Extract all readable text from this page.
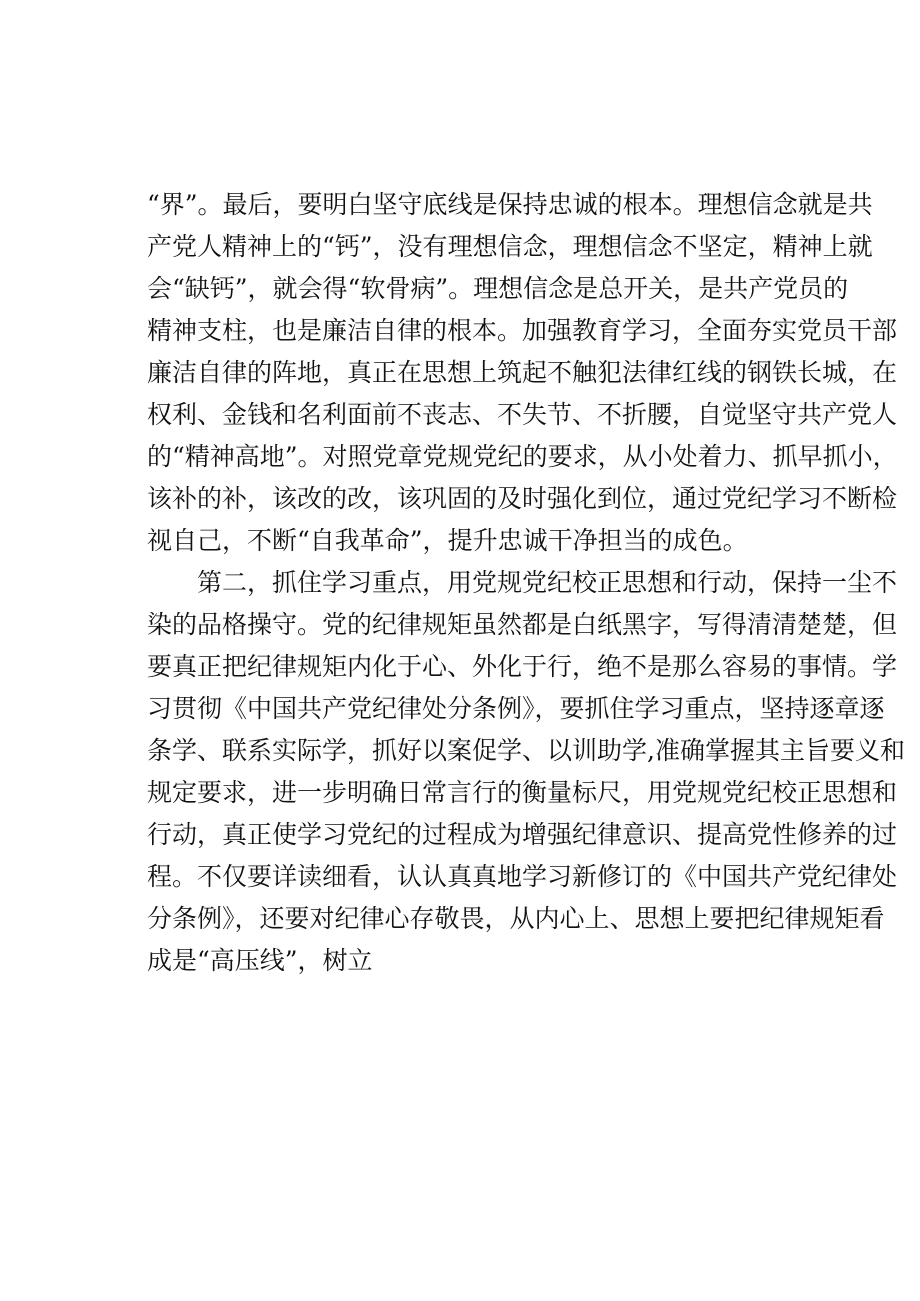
“界”。最后，要明白坚守底线是保持忠诚的根本。理想信念就是共
产党人精神上的“钙”，没有理想信念，理想信念不坚定，精神上就
会“缺钙”，就会得“软骨病”。理想信念是总开关，是共产党员的
精神支柱，也是廉洁自律的根本。加强教育学习，全面夯实党员干部
廉洁自律的阵地，真正在思想上筑起不触犯法律红线的钢铁长城，在
权利、金钱和名利面前不丧志、不失节、不折腰，自觉坚守共产党人
的“精神高地”。对照党章党规党纪的要求，从小处着力、抓早抓小，
该补的补，该改的改，该巩固的及时强化到位，通过党纪学习不断检
视自己，不断“自我革命”，提升忠诚干净担当的成色。
第二，抓住学习重点，用党规党纪校正思想和行动，保持一尘不
染的品格操守。党的纪律规矩虽然都是白纸黑字，写得清清楚楚，但
要真正把纪律规矩内化于心、外化于行，绝不是那么容易的事情。学
习贯彻《中国共产党纪律处分条例》，要抓住学习重点，坚持逐章逐
条学、联系实际学，抓好以案促学、以训助学,准确掌握其主旨要义和
规定要求，进一步明确日常言行的衡量标尺，用党规党纪校正思想和
行动，真正使学习党纪的过程成为增强纪律意识、提高党性修养的过
程。不仅要详读细看，认认真真地学习新修订的《中国共产党纪律处
分条例》，还要对纪律心存敬畏，从内心上、思想上要把纪律规矩看
成是“高压线”，树立
